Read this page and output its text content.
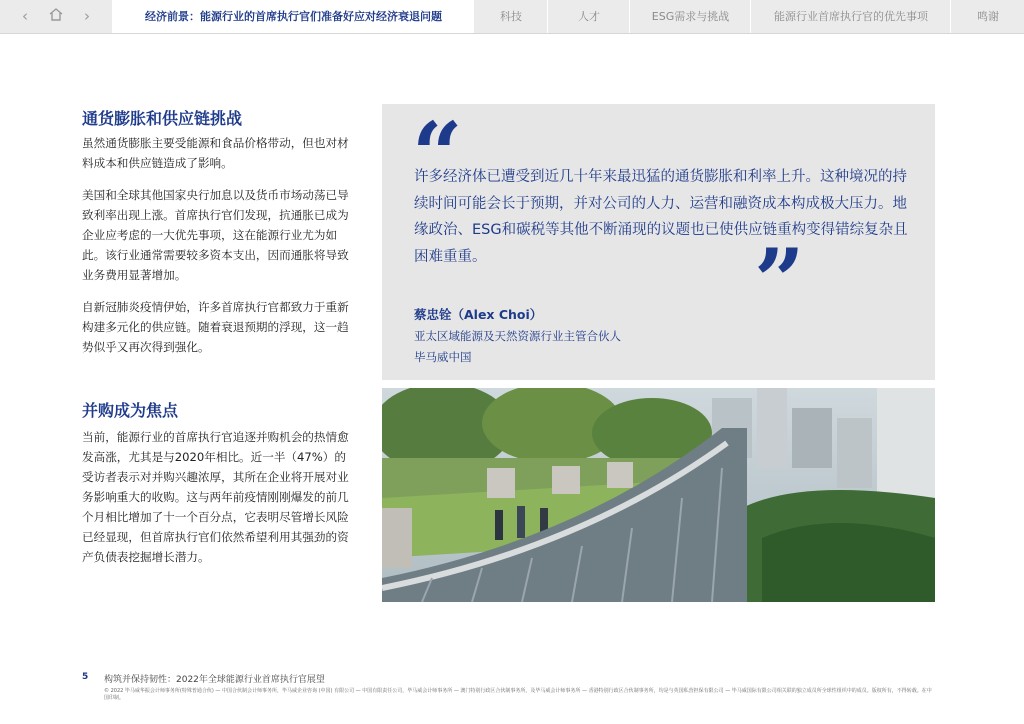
‹	›	经济前景：能源行业的首席执行官们准备好应对经济衰退问题	科技	人才	ESG需求与挑战	能源行业首席执行官的优先事项	鸣谢
通货膨胀和供应链挑战
虽然通货膨胀主要受能源和食品价格带动，但也对材料成本和供应链造成了影响。
美国和全球其他国家央行加息以及货币市场动荡已导致利率出现上涨。首席执行官们发现，抗通胀已成为企业应考虑的一大优先事项，这在能源行业尤为如此。该行业通常需要较多资本支出，因而通胀将导致业务费用显著增加。
自新冠肺炎疫情伊始，许多首席执行官都致力于重新构建多元化的供应链。随着衰退预期的浮现，这一趋势似乎又再次得到强化。
并购成为焦点
当前，能源行业的首席执行官追逐并购机会的热情愈发高涨，尤其是与2020年相比。近一半（47%）的受访者表示对并购兴趣浓厚，其所在企业将开展对业务影响重大的收购。这与两年前疫情刚刚爆发的前几个月相比增加了十一个百分点，它表明尽管增长风险已经显现，但首席执行官们依然希望利用其强劲的资产负债表挖掘增长潜力。
“
许多经济体已遭受到近几十年来最迅猛的通货膨胀和利率上升。这种境况的持续时间可能会长于预期，并对公司的人力、运营和融资成本构成极大压力。地缘政治、ESG和碳税等其他不断涌现的议题也已使供应链重构变得错综复杂且困难重重。	”
蔡忠铨（Alex Choi）
亚太区域能源及天然资源行业主管合伙人
毕马威中国
5 构筑并保持韧性：2022年全球能源行业首席执行官展望
© 2022 毕马威华振会计师事务所(特殊普通合伙) — 中国合伙制会计师事务所，毕马威企业咨询 (中国) 有限公司 — 中国有限责任公司，毕马威会计师事务所 — 澳门特别行政区合伙制事务所，及毕马威会计师事务所 — 香港特别行政区合伙制事务所，均是与英国私营担保有限公司 — 毕马威国际有限公司相关联的独立成员所全球性组织中的成员。版权所有，不得转载。在中国印制。
